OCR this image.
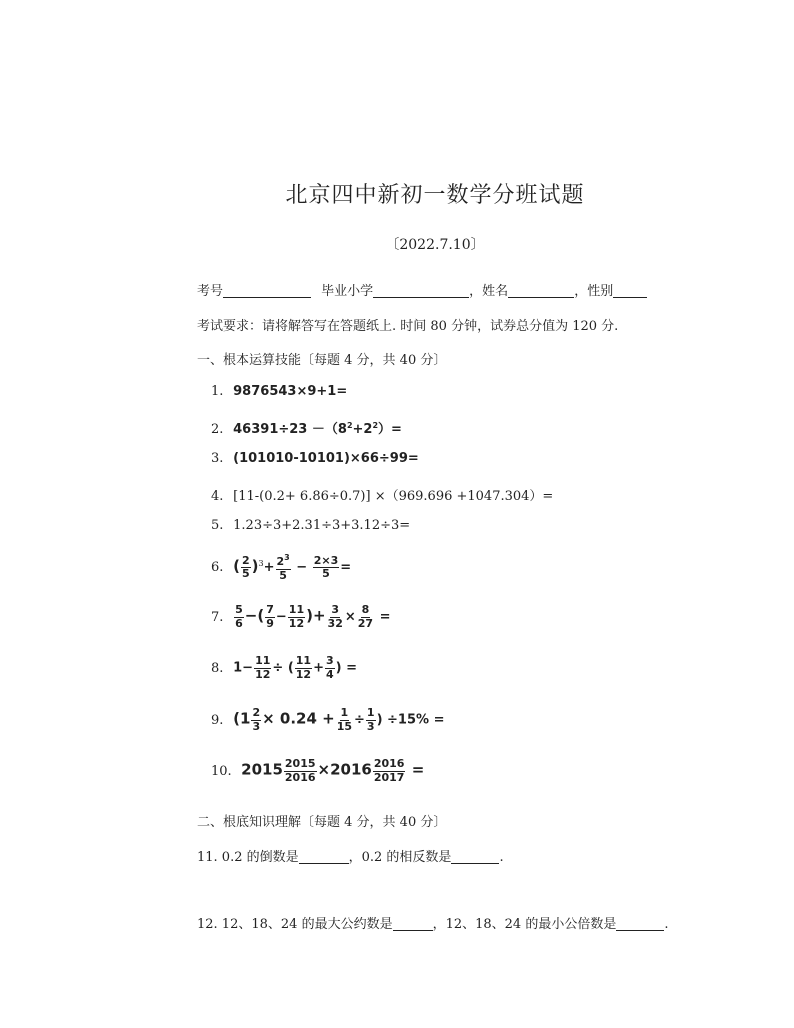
北京四中新初一数学分班试题
〔2022.7.10〕
考号	毕业小学	，姓名	，性别
考试要求：请将解答写在答题纸上. 时间 80 分钟，试券总分值为 120 分.
一、根本运算技能〔每题 4 分，共 40 分〕
1. 9876543×9+1=
2. $46391\div 23 -(8^2+2^2)=$
3. (101010-10101)×66÷99=
4. [11-(0.2+ 6.86÷0.7)] ×（969.696 +1047.304）=
5. 1.23÷3+2.31÷3+3.12÷3=
6. ( $\frac{2}{5} )^3+ \frac{2^3}{5} - \frac{2\times 3}{5}$ =
7. $\frac{5}{6}$ −( $\frac{7}{9} - \frac{11}{12}$ )+ $\frac{3}{32} \times \frac{8}{27}$ =
8. $1- \frac{11}{12}$ ÷ ( $\frac{11}{12} + \frac{3}{4}$ ) =
9. ($1 \frac{2}{3} \times 0.24 + \frac{1}{15} \div \frac{1}{3}$ ) ÷15% =
10. $2015 \frac{2015}{2016} \times 2016 \frac{2016}{2017}$ =
二、根底知识理解〔每题 4 分，共 40 分〕
11. 0.2 的倒数是	，0.2 的相反数是	.
12. 12、18、24 的最大公约数是	，12、18、24 的最小公倍数是	.
